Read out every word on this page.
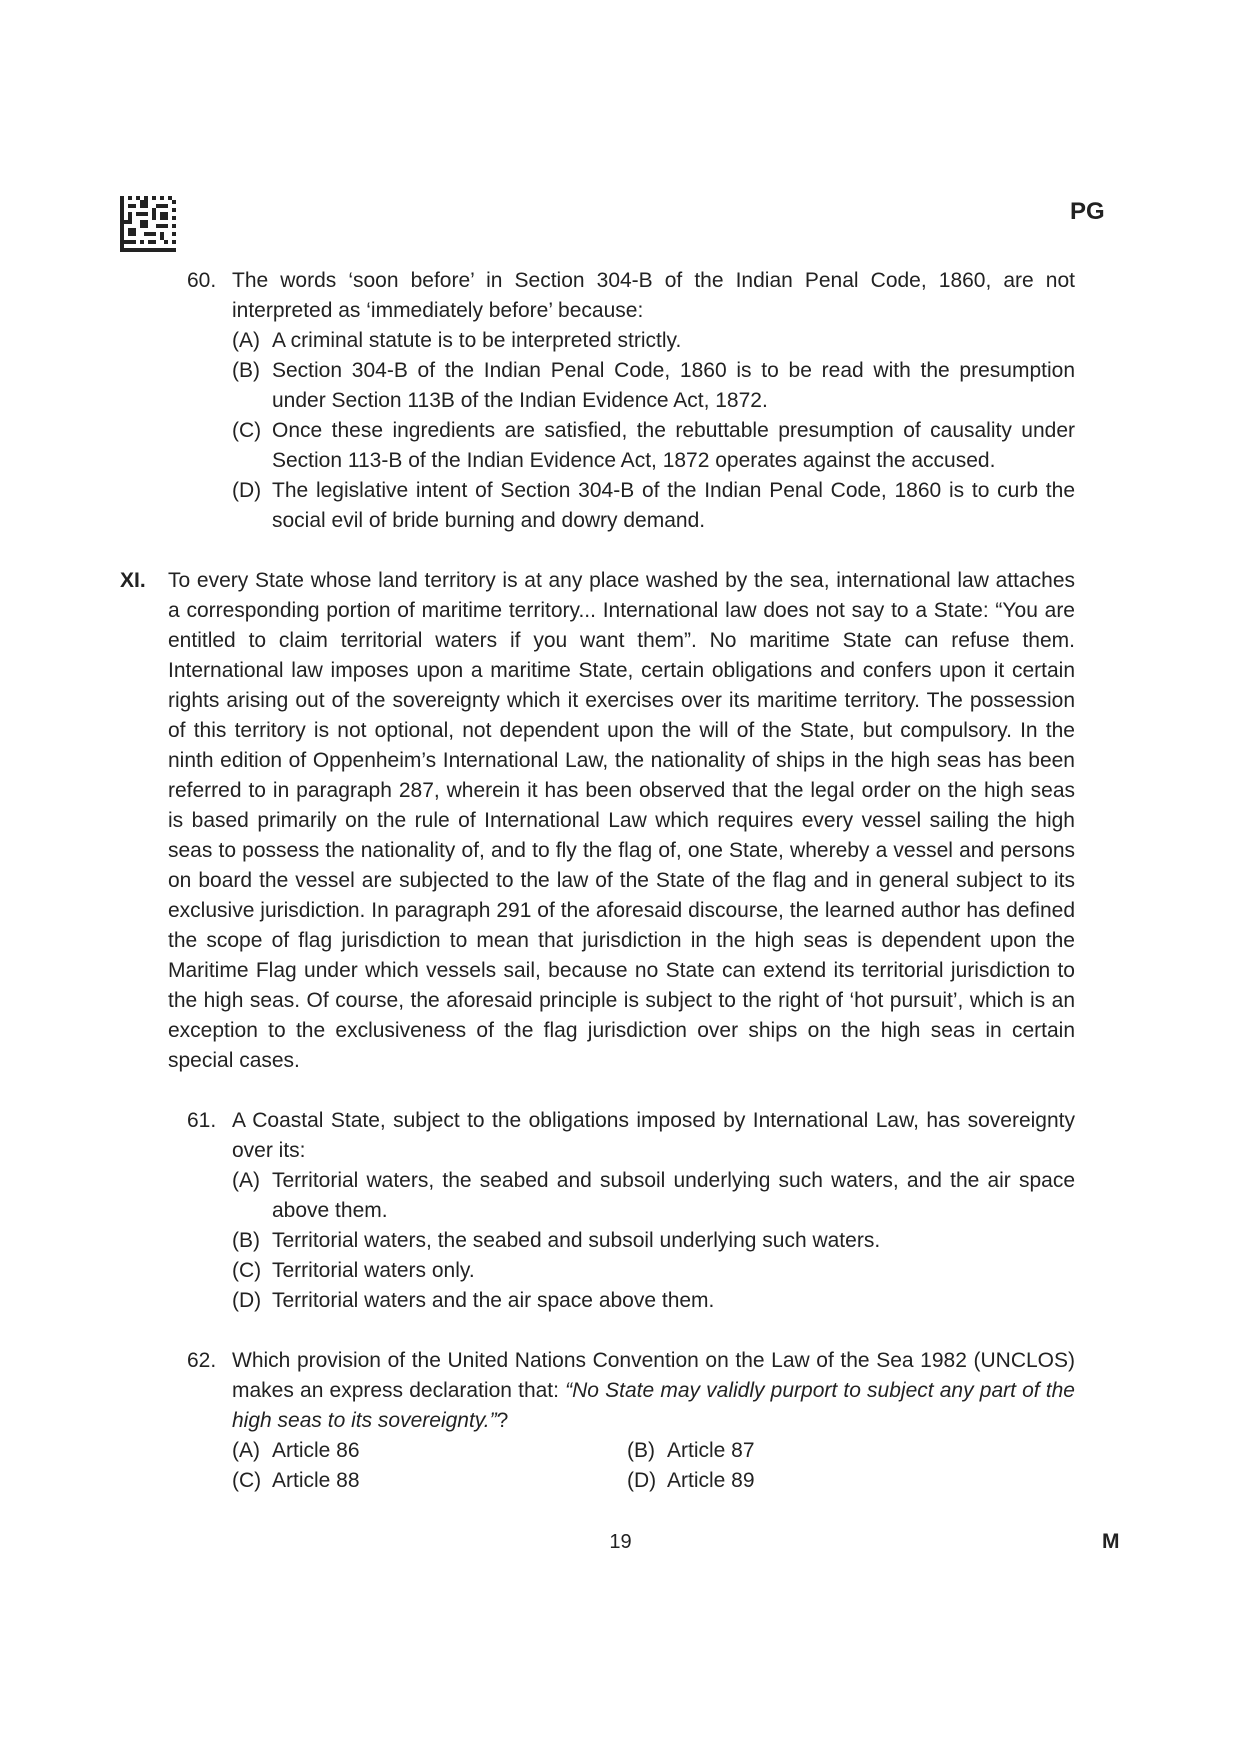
PG
60. The words ‘soon before’ in Section 304-B of the Indian Penal Code, 1860, are not interpreted as ‘immediately before’ because:
(A) A criminal statute is to be interpreted strictly.
(B) Section 304-B of the Indian Penal Code, 1860 is to be read with the presumption under Section 113B of the Indian Evidence Act, 1872.
(C) Once these ingredients are satisfied, the rebuttable presumption of causality under Section 113-B of the Indian Evidence Act, 1872 operates against the accused.
(D) The legislative intent of Section 304-B of the Indian Penal Code, 1860 is to curb the social evil of bride burning and dowry demand.
XI. To every State whose land territory is at any place washed by the sea, international law attaches a corresponding portion of maritime territory... International law does not say to a State: “You are entitled to claim territorial waters if you want them”. No maritime State can refuse them. International law imposes upon a maritime State, certain obligations and confers upon it certain rights arising out of the sovereignty which it exercises over its maritime territory. The possession of this territory is not optional, not dependent upon the will of the State, but compulsory. In the ninth edition of Oppenheim’s International Law, the nationality of ships in the high seas has been referred to in paragraph 287, wherein it has been observed that the legal order on the high seas is based primarily on the rule of International Law which requires every vessel sailing the high seas to possess the nationality of, and to fly the flag of, one State, whereby a vessel and persons on board the vessel are subjected to the law of the State of the flag and in general subject to its exclusive jurisdiction. In paragraph 291 of the aforesaid discourse, the learned author has defined the scope of flag jurisdiction to mean that jurisdiction in the high seas is dependent upon the Maritime Flag under which vessels sail, because no State can extend its territorial jurisdiction to the high seas. Of course, the aforesaid principle is subject to the right of ‘hot pursuit’, which is an exception to the exclusiveness of the flag jurisdiction over ships on the high seas in certain special cases.
61. A Coastal State, subject to the obligations imposed by International Law, has sovereignty over its:
(A) Territorial waters, the seabed and subsoil underlying such waters, and the air space above them.
(B) Territorial waters, the seabed and subsoil underlying such waters.
(C) Territorial waters only.
(D) Territorial waters and the air space above them.
62. Which provision of the United Nations Convention on the Law of the Sea 1982 (UNCLOS) makes an express declaration that: “No State may validly purport to subject any part of the high seas to its sovereignty.”?
(A) Article 86	(B) Article 87
(C) Article 88	(D) Article 89
19	M
